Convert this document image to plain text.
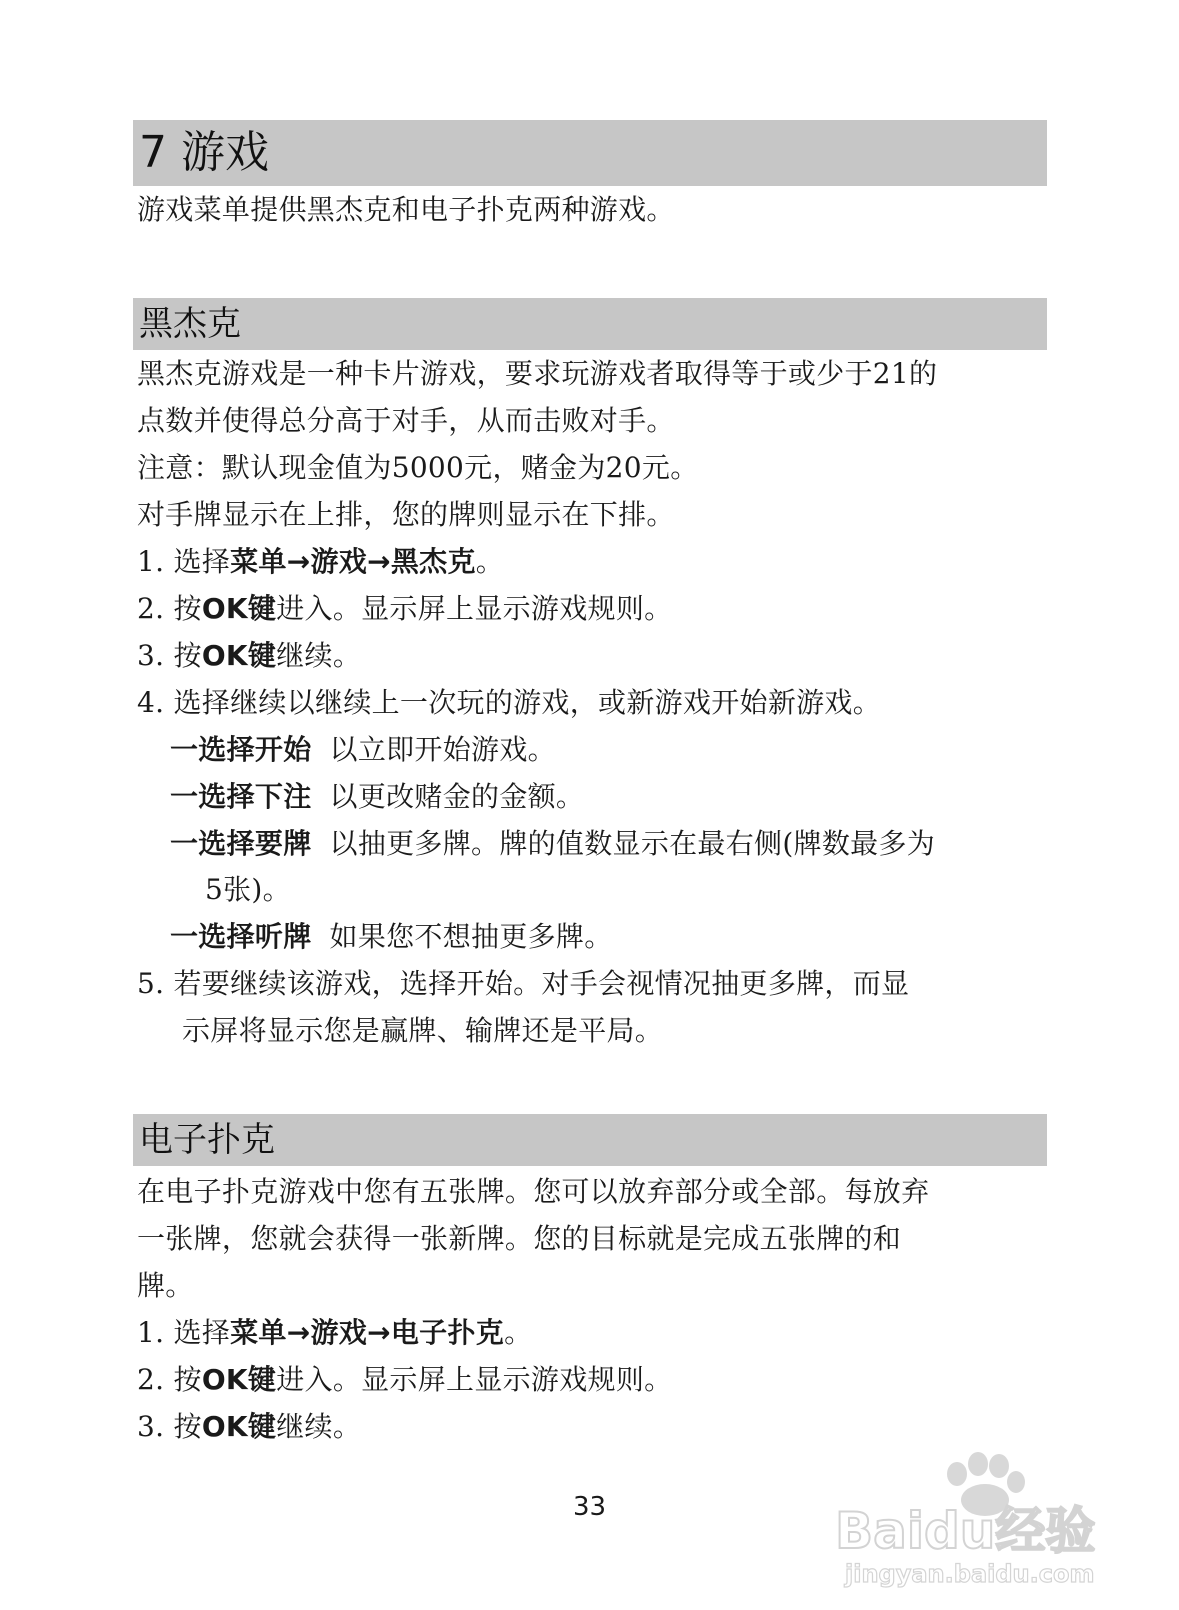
7 游戏
游戏菜单提供黑杰克和电子扑克两种游戏。
黑杰克
黑杰克游戏是一种卡片游戏，要求玩游戏者取得等于或少于21的
点数并使得总分高于对手，从而击败对手。
注意：默认现金值为5000元，赌金为20元。
对手牌显示在上排，您的牌则显示在下排。
1. 选择菜单→游戏→黑杰克。
2. 按OK键进入。显示屏上显示游戏规则。
3. 按OK键继续。
4. 选择继续以继续上一次玩的游戏，或新游戏开始新游戏。
一选择开始 以立即开始游戏。
一选择下注 以更改赌金的金额。
一选择要牌 以抽更多牌。牌的值数显示在最右侧(牌数最多为
5张)。
一选择听牌 如果您不想抽更多牌。
5. 若要继续该游戏，选择开始。对手会视情况抽更多牌，而显
示屏将显示您是赢牌、输牌还是平局。
电子扑克
在电子扑克游戏中您有五张牌。您可以放弃部分或全部。每放弃
一张牌，您就会获得一张新牌。您的目标就是完成五张牌的和
牌。
1. 选择菜单→游戏→电子扑克。
2. 按OK键进入。显示屏上显示游戏规则。
3. 按OK键继续。
33	Baidu经验
jingyan.baidu.com
